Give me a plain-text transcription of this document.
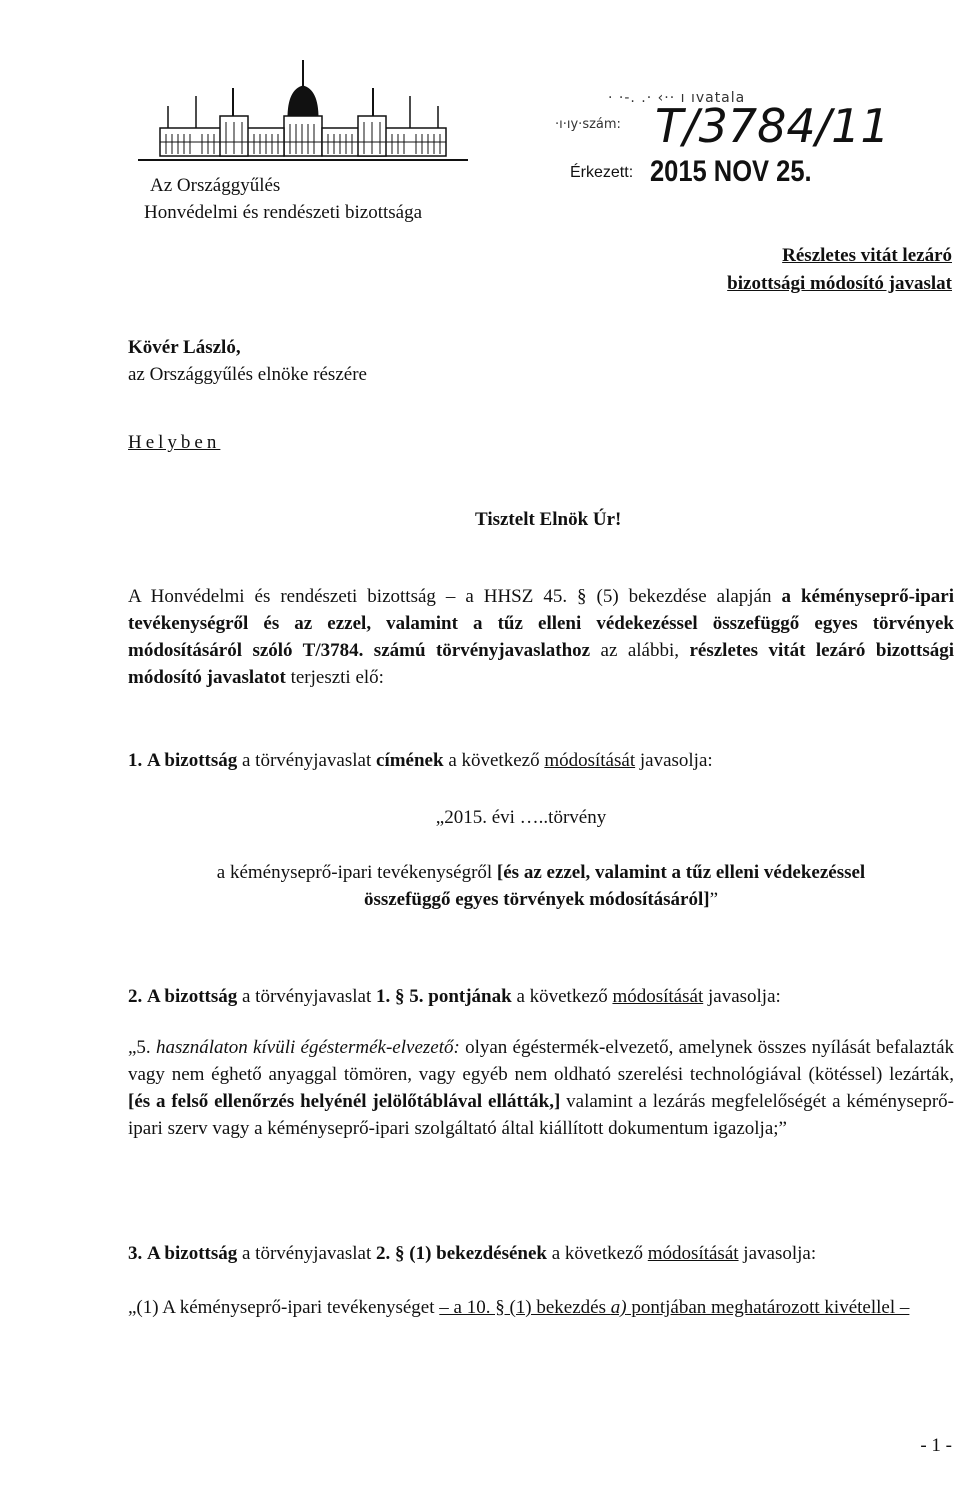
Az Országgyűlés
Honvédelmi és rendészeti bizottsága
· ·-. .· ‹·· ı ıvatala
·ı·ıy·szám: T/3784/11
Érkezett: 2015 NOV 25.
Részletes vitát lezáró
bizottsági módosító javaslat
Kövér László,
az Országgyűlés elnöke részére
Helyben
Tisztelt Elnök Úr!
A Honvédelmi és rendészeti bizottság – a HHSZ 45. § (5) bekezdése alapján a kéményseprő-ipari tevékenységről és az ezzel, valamint a tűz elleni védekezéssel összefüggő egyes törvények módosításáról szóló T/3784. számú törvényjavaslathoz az alábbi, részletes vitát lezáró bizottsági módosító javaslatot terjeszti elő:
1. A bizottság a törvényjavaslat címének a következő módosítását javasolja:
„2015. évi …..törvény
a kéményseprő-ipari tevékenységről [és az ezzel, valamint a tűz elleni védekezéssel
összefüggő egyes törvények módosításáról]”
2. A bizottság a törvényjavaslat 1. § 5. pontjának a következő módosítását javasolja:
„5. használaton kívüli égéstermék-elvezető: olyan égéstermék-elvezető, amelynek összes nyílását befalazták vagy nem éghető anyaggal tömören, vagy egyéb nem oldható szerelési technológiával (kötéssel) lezárták, [és a felső ellenőrzés helyénél jelölőtáblával ellátták,] valamint a lezárás megfelelőségét a kéményseprő-ipari szerv vagy a kéményseprő-ipari szolgáltató által kiállított dokumentum igazolja;”
3. A bizottság a törvényjavaslat 2. § (1) bekezdésének a következő módosítását javasolja:
„(1) A kéményseprő-ipari tevékenységet – a 10. § (1) bekezdés a) pontjában meghatározott kivétellel –
- 1 -
